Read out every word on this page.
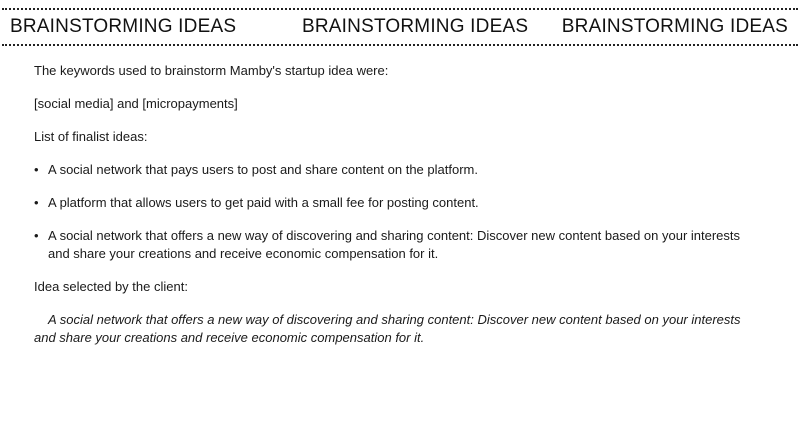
BRAINSTORMING IDEAS	BRAINSTORMING IDEAS BRAINSTORMING IDEAS

The keywords used to brainstorm Mamby's startup idea were:

[social media] and [micropayments]

List of finalist ideas:

• A social network that pays users to post and share content on the platform.
• A platform that allows users to get paid with a small fee for posting content.
• A social network that offers a new way of discovering and sharing content: Discover new content based on your interests and share your creations and receive economic compensation for it.

Idea selected by the client:

A social network that offers a new way of discovering and sharing content: Discover new content based on your interests and share your creations and receive economic compensation for it.
